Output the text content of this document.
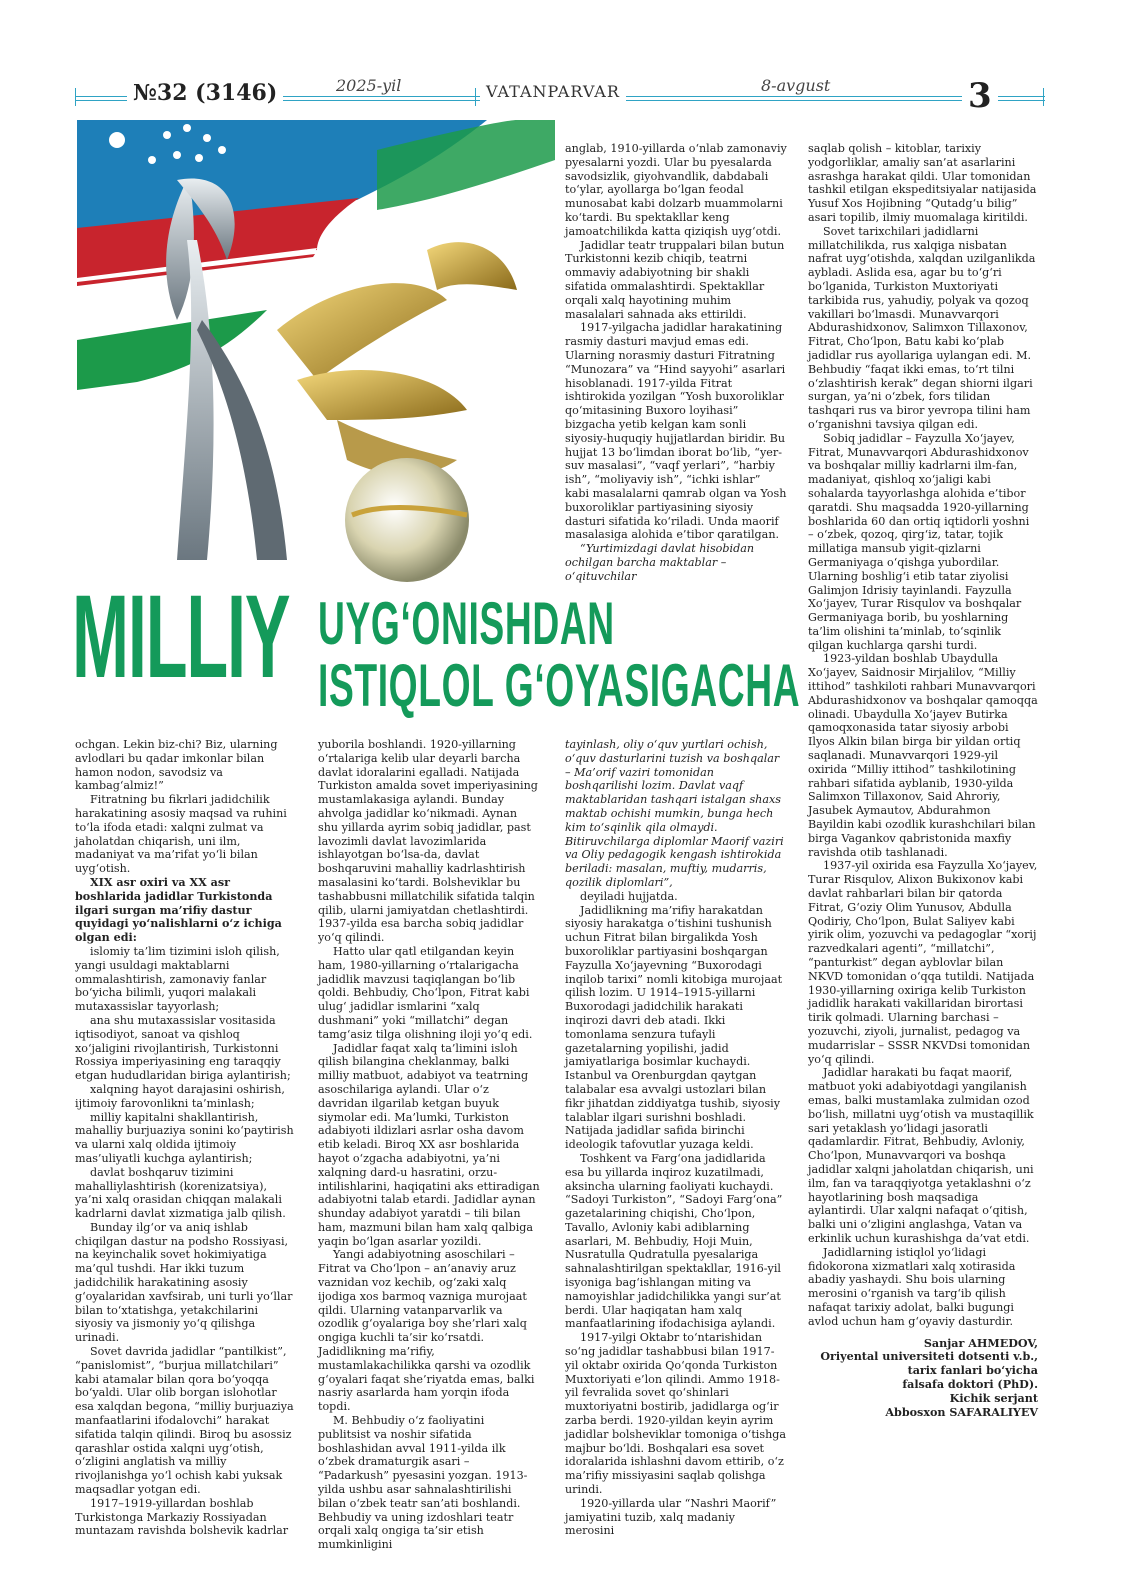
№32 (3146)	2025-yil	VATANPARVAR	8-avgust	3
MILLIY UYG‘ONISHDAN
ISTIQLOL G‘OYASIGACHA

anglab, 1910-yillarda o‘nlab zamonaviy pyesalarni yozdi. Ular bu pyesalarda savodsizlik, giyohvandlik, dabdabali to‘ylar, ayollarga bo‘lgan feodal munosabat kabi dolzarb muammolarni ko‘tardi. Bu spektakllar keng jamoatchilikda katta qiziqish uyg‘otdi.

Jadidlar teatr truppalari bilan butun Turkistonni kezib chiqib, teatrni ommaviy adabiyotning bir shakli sifatida ommalashtirdi. Spektakllar orqali xalq hayotining muhim masalalari sahnada aks ettirildi.

1917-yilgacha jadidlar harakatining rasmiy dasturi mavjud emas edi. Ularning norasmiy dasturi Fitratning “Munozara” va “Hind sayyohi” asarlari hisoblanadi. 1917-yilda Fitrat ishtirokida yozilgan “Yosh buxoroliklar qo‘mitasining Buxoro loyihasi” bizgacha yetib kelgan kam sonli siyosiy-huquqiy hujjatlardan biridir. Bu hujjat 13 bo‘limdan iborat bo‘lib, “yer-suv masalasi”, “vaqf yerlari”, “harbiy ish”, “moliyaviy ish”, “ichki ishlar” kabi masalalarni qamrab olgan va Yosh buxoroliklar partiyasining siyosiy dasturi sifatida ko‘riladi. Unda maorif masalasiga alohida e’tibor qaratilgan.

“Yurtimizdagi davlat hisobidan ochilgan barcha maktablar – o‘qituvchilar

ochgan. Lekin biz-chi? Biz, ularning avlodlari bu qadar imkonlar bilan hamon nodon, savodsiz va kambag‘almiz!”

Fitratning bu fikrlari jadidchilik harakatining asosiy maqsad va ruhini to‘la ifoda etadi: xalqni zulmat va jaholatdan chiqarish, uni ilm, madaniyat va ma’rifat yo‘li bilan uyg‘otish.

XIX asr oxiri va XX asr boshlarida jadidlar Turkistonda ilgari surgan ma’rifiy dastur quyidagi yo‘nalishlarni o‘z ichiga olgan edi:

islomiy ta’lim tizimini isloh qilish, yangi usuldagi maktablarni ommalashtirish, zamonaviy fanlar bo‘yicha bilimli, yuqori malakali mutaxassislar tayyorlash;

ana shu mutaxassislar vositasida iqtisodiyot, sanoat va qishloq xo‘jaligini rivojlantirish, Turkistonni Rossiya imperiyasining eng taraqqiy etgan hududlaridan biriga aylantirish;

xalqning hayot darajasini oshirish, ijtimoiy farovonlikni ta’minlash;

milliy kapitalni shakllantirish, mahalliy burjuaziya sonini ko‘paytirish va ularni xalq oldida ijtimoiy mas’uliyatli kuchga aylantirish;

davlat boshqaruv tizimini mahalliylashtirish (korenizatsiya), ya’ni xalq orasidan chiqqan malakali kadrlarni davlat xizmatiga jalb qilish.

Bunday ilg‘or va aniq ishlab chiqilgan dastur na podsho Rossiyasi, na keyinchalik sovet hokimiyatiga ma’qul tushdi. Har ikki tuzum jadidchilik harakatining asosiy g‘oyalaridan xavfsirab, uni turli yo‘llar bilan to‘xtatishga, yetakchilarini siyosiy va jismoniy yo‘q qilishga urinadi.

Sovet davrida jadidlar “pantilkist”, “panislomist”, “burjua millatchilari” kabi atamalar bilan qora bo‘yoqqa bo‘yaldi. Ular olib borgan islohotlar esa xalqdan begona, “milliy burjuaziya manfaatlarini ifodalovchi” harakat sifatida talqin qilindi. Biroq bu asossiz qarashlar ostida xalqni uyg‘otish, o‘zligini anglatish va milliy rivojlanishga yo‘l ochish kabi yuksak maqsadlar yotgan edi.

1917–1919-yillardan boshlab Turkistonga Markaziy Rossiyadan muntazam ravishda bolshevik kadrlar

yuborila boshlandi. 1920-yillarning o‘rtalariga kelib ular deyarli barcha davlat idoralarini egalladi. Natijada Turkiston amalda sovet imperiyasining mustamlakasiga aylandi. Bunday ahvolga jadidlar ko‘nikmadi. Aynan shu yillarda ayrim sobiq jadidlar, past lavozimli davlat lavozimlarida ishlayotgan bo‘lsa-da, davlat boshqaruvini mahalliy kadrlashtirish masalasini ko‘tardi. Bolsheviklar bu tashabbusni millatchilik sifatida talqin qilib, ularni jamiyatdan chetlashtirdi. 1937-yilda esa barcha sobiq jadidlar yo‘q qilindi.

Hatto ular qatl etilgandan keyin ham, 1980-yillarning o‘rtalarigacha jadidlik mavzusi taqiqlangan bo‘lib qoldi. Behbudiy, Cho‘lpon, Fitrat kabi ulug‘ jadidlar ismlarini “xalq dushmani” yoki “millatchi” degan tamg‘asiz tilga olishning iloji yo‘q edi.

Jadidlar faqat xalq ta’limini isloh qilish bilangina cheklanmay, balki milliy matbuot, adabiyot va teatrning asoschilariga aylandi. Ular o‘z davridan ilgarilab ketgan buyuk siymolar edi. Ma’lumki, Turkiston adabiyoti ildizlari asrlar osha davom etib keladi. Biroq XX asr boshlarida hayot o‘zgacha adabiyotni, ya’ni xalqning dard-u hasratini, orzu-intilishlarini, haqiqatini aks ettiradigan adabiyotni talab etardi. Jadidlar aynan shunday adabiyot yaratdi – tili bilan ham, mazmuni bilan ham xalq qalbiga yaqin bo‘lgan asarlar yozildi.

Yangi adabiyotning asoschilari – Fitrat va Cho‘lpon – an’anaviy aruz vaznidan voz kechib, og‘zaki xalq ijodiga xos barmoq vazniga murojaat qildi. Ularning vatanparvarlik va ozodlik g‘oyalariga boy she’rlari xalq ongiga kuchli ta’sir ko‘rsatdi. Jadidlikning ma’rifiy, mustamlakachilikka qarshi va ozodlik g‘oyalari faqat she’riyatda emas, balki nasriy asarlarda ham yorqin ifoda topdi.

M. Behbudiy o‘z faoliyatini publitsist va noshir sifatida boshlashidan avval 1911-yilda ilk o‘zbek dramaturgik asari – “Padarkush” pyesasini yozgan. 1913-yilda ushbu asar sahnalashtirilishi bilan o‘zbek teatr san’ati boshlandi. Behbudiy va uning izdoshlari teatr orqali xalq ongiga ta’sir etish mumkinligini

tayinlash, oliy o‘quv yurtlari ochish, o‘quv dasturlarini tuzish va boshqalar – Ma’orif vaziri tomonidan boshqarilishi lozim. Davlat vaqf maktablaridan tashqari istalgan shaxs maktab ochishi mumkin, bunga hech kim to‘sqinlik qila olmaydi. Bitiruvchilarga diplomlar Maorif vaziri va Oliy pedagogik kengash ishtirokida beriladi: masalan, muftiy, mudarris, qozilik diplomlari”,

deyiladi hujjatda.

Jadidlikning ma’rifiy harakatdan siyosiy harakatga o‘tishini tushunish uchun Fitrat bilan birgalikda Yosh buxoroliklar partiyasini boshqargan Fayzulla Xo‘jayevning “Buxorodagi inqilob tarixi” nomli kitobiga murojaat qilish lozim. U 1914–1915-yillarni Buxorodagi jadidchilik harakati inqirozi davri deb atadi. Ikki tomonlama senzura tufayli gazetalarning yopilishi, jadid jamiyatlariga bosimlar kuchaydi. Istanbul va Orenburgdan qaytgan talabalar esa avvalgi ustozlari bilan fikr jihatdan ziddiyatga tushib, siyosiy talablar ilgari surishni boshladi. Natijada jadidlar safida birinchi ideologik tafovutlar yuzaga keldi.

Toshkent va Farg‘ona jadidlarida esa bu yillarda inqiroz kuzatilmadi, aksincha ularning faoliyati kuchaydi. “Sadoyi Turkiston”, “Sadoyi Farg‘ona” gazetalarining chiqishi, Cho‘lpon, Tavallo, Avloniy kabi adiblarning asarlari, M. Behbudiy, Hoji Muin, Nusratulla Qudratulla pyesalariga sahnalashtirilgan spektakllar, 1916-yil isyoniga bag‘ishlangan miting va namoyishlar jadidchilikka yangi sur’at berdi. Ular haqiqatan ham xalq manfaatlarining ifodachisiga aylandi.

1917-yilgi Oktabr to‘ntarishidan so‘ng jadidlar tashabbusi bilan 1917-yil oktabr oxirida Qo‘qonda Turkiston Muxtoriyati e’lon qilindi. Ammo 1918-yil fevralida sovet qo‘shinlari muxtoriyatni bostirib, jadidlarga og‘ir zarba berdi. 1920-yildan keyin ayrim jadidlar bolsheviklar tomoniga o‘tishga majbur bo‘ldi. Boshqalari esa sovet idoralarida ishlashni davom ettirib, o‘z ma’rifiy missiyasini saqlab qolishga urindi.

1920-yillarda ular “Nashri Maorif” jamiyatini tuzib, xalq madaniy merosini

saqlab qolish – kitoblar, tarixiy yodgorliklar, amaliy san’at asarlarini asrashga harakat qildi. Ular tomonidan tashkil etilgan ekspeditsiyalar natijasida Yusuf Xos Hojibning “Qutadg‘u bilig” asari topilib, ilmiy muomalaga kiritildi.

Sovet tarixchilari jadidlarni millatchilikda, rus xalqiga nisbatan nafrat uyg‘otishda, xalqdan uzilganlikda aybladi. Aslida esa, agar bu to‘g‘ri bo‘lganida, Turkiston Muxtoriyati tarkibida rus, yahudiy, polyak va qozoq vakillari bo‘lmasdi. Munavvarqori Abdurashidxonov, Salimxon Tillaxonov, Fitrat, Cho‘lpon, Batu kabi ko‘plab jadidlar rus ayollariga uylangan edi. M. Behbudiy “faqat ikki emas, to‘rt tilni o‘zlashtirish kerak” degan shiorni ilgari surgan, ya’ni o‘zbek, fors tilidan tashqari rus va biror yevropa tilini ham o‘rganishni tavsiya qilgan edi.

Sobiq jadidlar – Fayzulla Xo‘jayev, Fitrat, Munavvarqori Abdurashidxonov va boshqalar milliy kadrlarni ilm-fan, madaniyat, qishloq xo‘jaligi kabi sohalarda tayyorlashga alohida e’tibor qaratdi. Shu maqsadda 1920-yillarning boshlarida 60 dan ortiq iqtidorli yoshni – o‘zbek, qozoq, qirg‘iz, tatar, tojik millatiga mansub yigit-qizlarni Germaniyaga o‘qishga yubordilar. Ularning boshlig‘i etib tatar ziyolisi Galimjon Idrisiy tayinlandi. Fayzulla Xo‘jayev, Turar Risqulov va boshqalar Germaniyaga borib, bu yoshlarning ta’lim olishini ta’minlab, to‘sqinlik qilgan kuchlarga qarshi turdi.

1923-yildan boshlab Ubaydulla Xo‘jayev, Saidnosir Mirjalilov, “Milliy ittihod” tashkiloti rahbari Munavvarqori Abdurashidxonov va boshqalar qamoqqa olinadi. Ubaydulla Xo‘jayev Butirka qamoqxonasida tatar siyosiy arbobi Ilyos Alkin bilan birga bir yildan ortiq saqlanadi. Munavvarqori 1929-yil oxirida “Milliy ittihod” tashkilotining rahbari sifatida ayblanib, 1930-yilda Salimxon Tillaxonov, Said Ahroriy, Jasubek Aymautov, Abdurahmon Bayildin kabi ozodlik kurashchilari bilan birga Vagankov qabristonida maxfiy ravishda otib tashlanadi.

1937-yil oxirida esa Fayzulla Xo‘jayev, Turar Risqulov, Alixon Bukixonov kabi davlat rahbarlari bilan bir qatorda Fitrat, G‘oziy Olim Yunusov, Abdulla Qodiriy, Cho‘lpon, Bulat Saliyev kabi yirik olim, yozuvchi va pedagoglar “xorij razvedkalari agenti”, “millatchi”, “panturkist” degan ayblovlar bilan NKVD tomonidan o‘qqa tutildi. Natijada 1930-yillarning oxiriga kelib Turkiston jadidlik harakati vakillaridan birortasi tirik qolmadi. Ularning barchasi – yozuvchi, ziyoli, jurnalist, pedagog va mudarrislar – SSSR NKVDsi tomonidan yo‘q qilindi.

Jadidlar harakati bu faqat maorif, matbuot yoki adabiyotdagi yangilanish emas, balki mustamlaka zulmidan ozod bo‘lish, millatni uyg‘otish va mustaqillik sari yetaklash yo‘lidagi jasoratli qadamlardir. Fitrat, Behbudiy, Avloniy, Cho‘lpon, Munavvarqori va boshqa jadidlar xalqni jaholatdan chiqarish, uni ilm, fan va taraqqiyotga yetaklashni o‘z hayotlarining bosh maqsadiga aylantirdi. Ular xalqni nafaqat o‘qitish, balki uni o‘zligini anglashga, Vatan va erkinlik uchun kurashishga da’vat etdi.

Jadidlarning istiqlol yo‘lidagi fidokorona xizmatlari xalq xotirasida abadiy yashaydi. Shu bois ularning merosini o‘rganish va targ‘ib qilish nafaqat tarixiy adolat, balki bugungi avlod uchun ham g‘oyaviy dasturdir.

Sanjar AHMEDOV,

Oriyental universiteti dotsenti v.b.,

tarix fanlari bo‘yicha

falsafa doktori (PhD).

Kichik serjant

Abbosxon SAFARALIYEV
